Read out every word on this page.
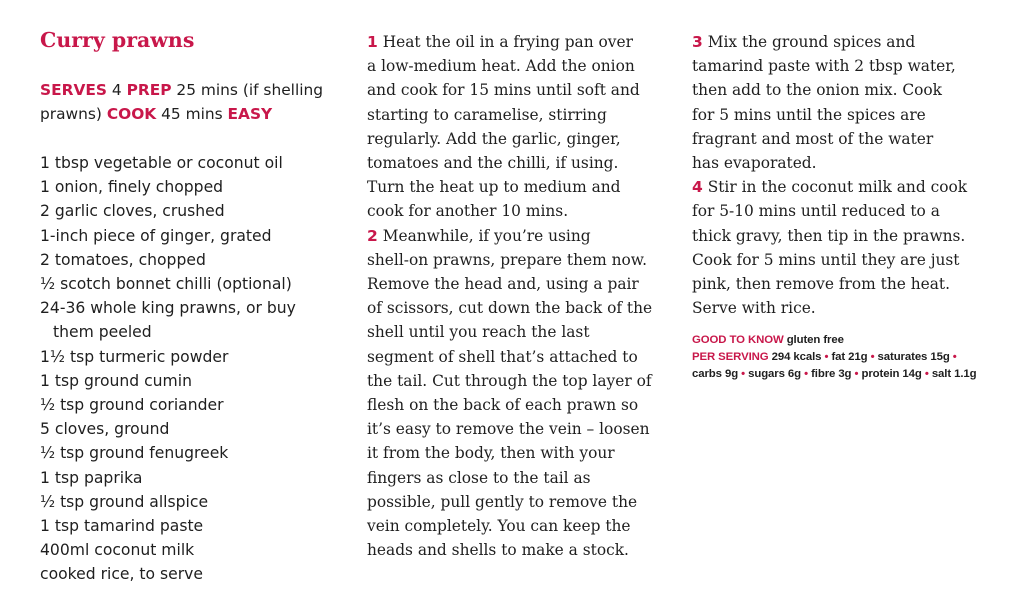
Curry prawns
SERVES 4 PREP 25 mins (if shelling
prawns) COOK 45 mins EASY
1 tbsp vegetable or coconut oil
1 onion, finely chopped
2 garlic cloves, crushed
1-inch piece of ginger, grated
2 tomatoes, chopped
½ scotch bonnet chilli (optional)
24-36 whole king prawns, or buy
them peeled
1½ tsp turmeric powder
1 tsp ground cumin
½ tsp ground coriander
5 cloves, ground
½ tsp ground fenugreek
1 tsp paprika
½ tsp ground allspice
1 tsp tamarind paste
400ml coconut milk
cooked rice, to serve
1 Heat the oil in a frying pan over
a low-medium heat. Add the onion
and cook for 15 mins until soft and
starting to caramelise, stirring
regularly. Add the garlic, ginger,
tomatoes and the chilli, if using.
Turn the heat up to medium and
cook for another 10 mins.
2 Meanwhile, if you’re using
shell-on prawns, prepare them now.
Remove the head and, using a pair
of scissors, cut down the back of the
shell until you reach the last
segment of shell that’s attached to
the tail. Cut through the top layer of
flesh on the back of each prawn so
it’s easy to remove the vein – loosen
it from the body, then with your
fingers as close to the tail as
possible, pull gently to remove the
vein completely. You can keep the
heads and shells to make a stock.
3 Mix the ground spices and
tamarind paste with 2 tbsp water,
then add to the onion mix. Cook
for 5 mins until the spices are
fragrant and most of the water
has evaporated.
4 Stir in the coconut milk and cook
for 5-10 mins until reduced to a
thick gravy, then tip in the prawns.
Cook for 5 mins until they are just
pink, then remove from the heat.
Serve with rice.
GOOD TO KNOW gluten free
PER SERVING 294 kcals • fat 21g • saturates 15g •
carbs 9g • sugars 6g • fibre 3g • protein 14g • salt 1.1g
